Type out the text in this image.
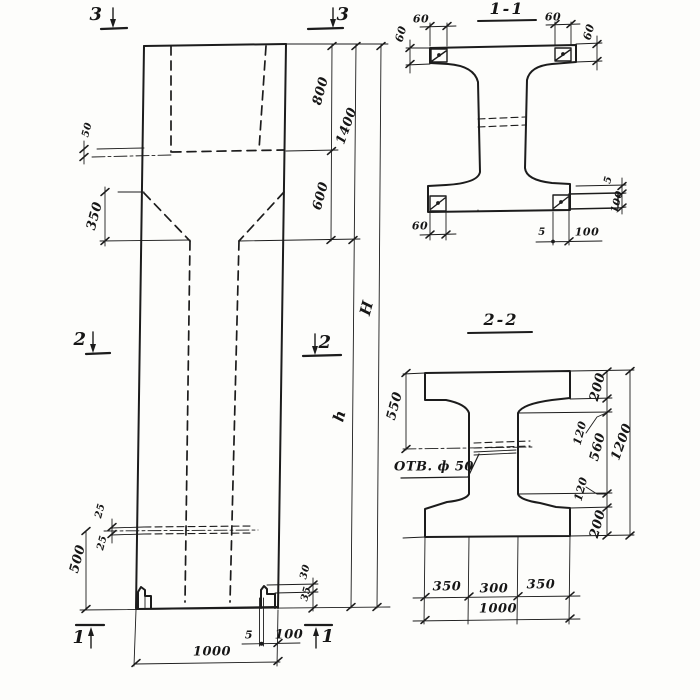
3	3
2	2
1	1
50
350
25
25
500	30
35
5 100
1000
800
1400
600
H
h
1-1
60
60
60
60
60	5	100
5
100
2-2
550
ОТВ. ф 50
200
120
560
120
200
1200
350 300 350
1000
